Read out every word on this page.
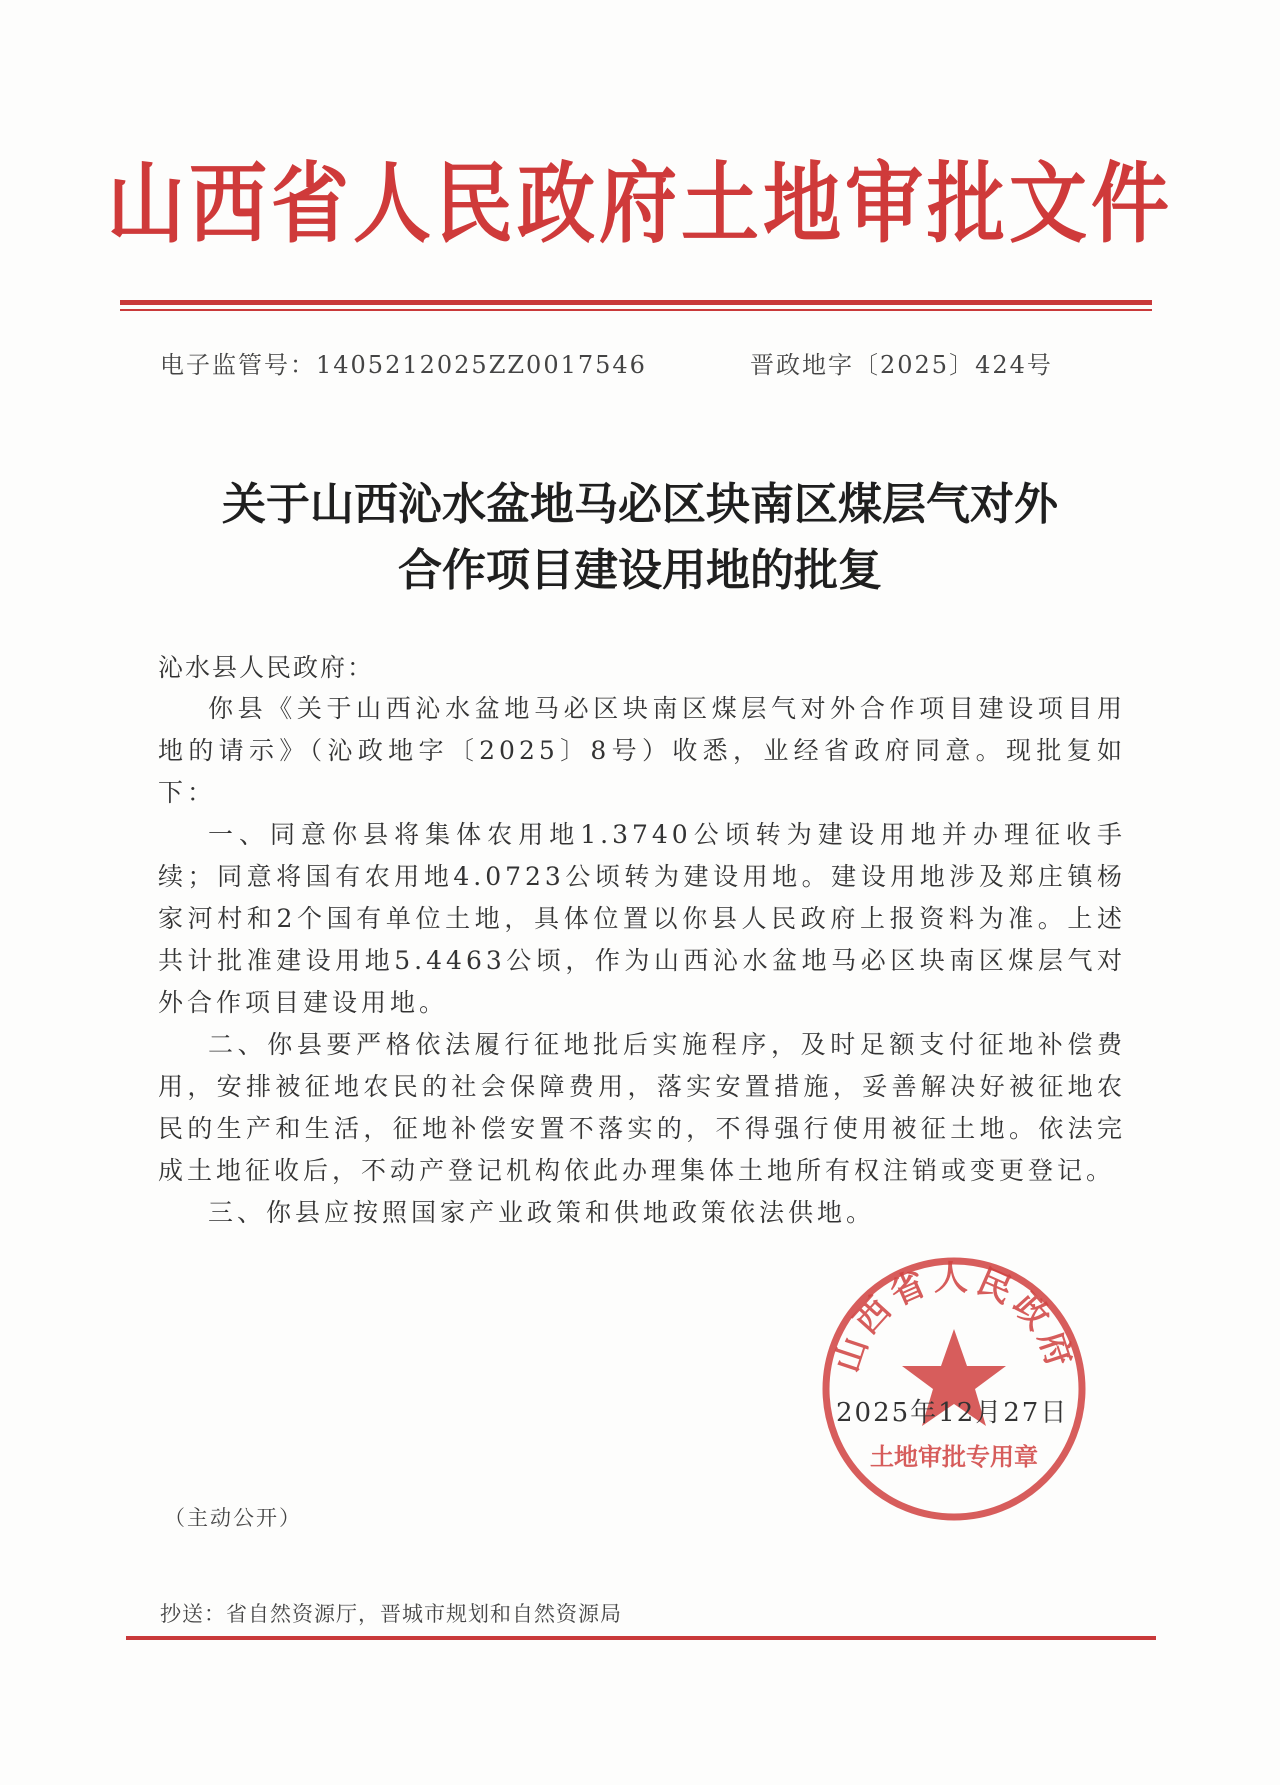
山西省人民政府土地审批文件
电子监管号：1405212025ZZ0017546	晋政地字〔2025〕424号
关于山西沁水盆地马必区块南区煤层气对外
合作项目建设用地的批复
沁水县人民政府：

你县《关于山西沁水盆地马必区块南区煤层气对外合作项目建设项目用地的请示》（沁政地字〔2025〕8号）收悉，业经省政府同意。现批复如下：

一、同意你县将集体农用地1.3740公顷转为建设用地并办理征收手续；同意将国有农用地4.0723公顷转为建设用地。建设用地涉及郑庄镇杨家河村和2个国有单位土地，具体位置以你县人民政府上报资料为准。上述共计批准建设用地5.4463公顷，作为山西沁水盆地马必区块南区煤层气对外合作项目建设用地。

二、你县要严格依法履行征地批后实施程序，及时足额支付征地补偿费用，安排被征地农民的社会保障费用，落实安置措施，妥善解决好被征地农民的生产和生活，征地补偿安置不落实的，不得强行使用被征土地。依法完成土地征收后，不动产登记机构依此办理集体土地所有权注销或变更登记。

三、你县应按照国家产业政策和供地政策依法供地。

山西省人民政府
土地审批专用章
2025年12月27日
（主动公开）
抄送：省自然资源厅，晋城市规划和自然资源局
